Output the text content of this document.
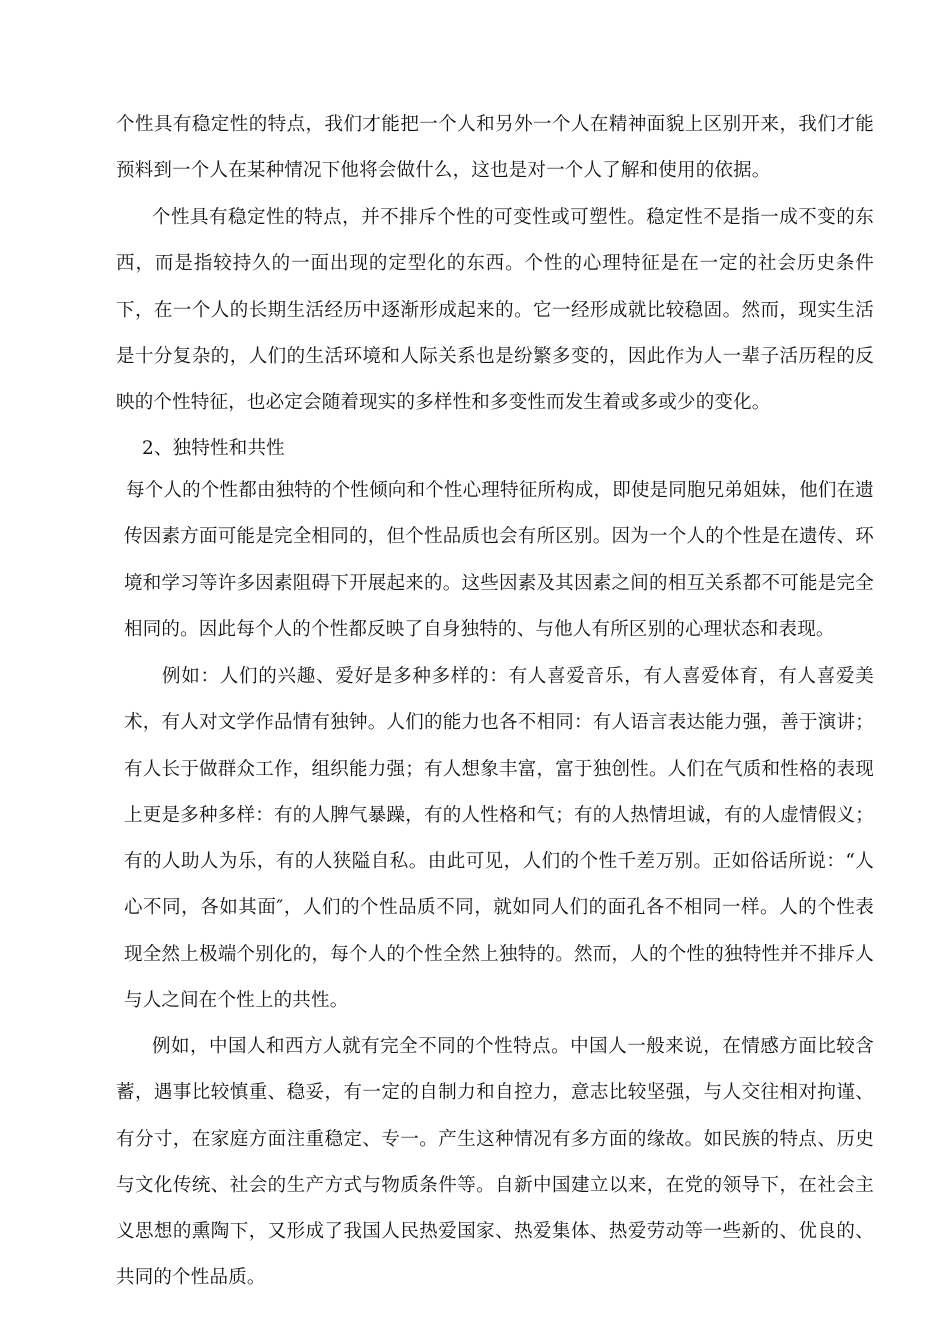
个性具有稳定性的特点，我们才能把一个人和另外一个人在精神面貌上区别开来，我们才能预料到一个人在某种情况下他将会做什么，这也是对一个人了解和使用的依据。

个性具有稳定性的特点，并不排斥个性的可变性或可塑性。稳定性不是指一成不变的东西，而是指较持久的一面出现的定型化的东西。个性的心理特征是在一定的社会历史条件下，在一个人的长期生活经历中逐渐形成起来的。它一经形成就比较稳固。然而，现实生活是十分复杂的，人们的生活环境和人际关系也是纷繁多变的，因此作为人一辈子活历程的反映的个性特征，也必定会随着现实的多样性和多变性而发生着或多或少的变化。

2、独特性和共性

每个人的个性都由独特的个性倾向和个性心理特征所构成，即使是同胞兄弟姐妹，他们在遗传因素方面可能是完全相同的，但个性品质也会有所区别。因为一个人的个性是在遗传、环境和学习等许多因素阻碍下开展起来的。这些因素及其因素之间的相互关系都不可能是完全相同的。因此每个人的个性都反映了自身独特的、与他人有所区别的心理状态和表现。

例如：人们的兴趣、爱好是多种多样的：有人喜爱音乐，有人喜爱体育，有人喜爱美术，有人对文学作品情有独钟。人们的能力也各不相同：有人语言表达能力强，善于演讲；有人长于做群众工作，组织能力强；有人想象丰富，富于独创性。人们在气质和性格的表现上更是多种多样：有的人脾气暴躁，有的人性格和气；有的人热情坦诚，有的人虚情假义；有的人助人为乐，有的人狭隘自私。由此可见，人们的个性千差万别。正如俗话所说：“人心不同，各如其面″，人们的个性品质不同，就如同人们的面孔各不相同一样。人的个性表现全然上极端个别化的，每个人的个性全然上独特的。然而，人的个性的独特性并不排斥人与人之间在个性上的共性。

例如，中国人和西方人就有完全不同的个性特点。中国人一般来说，在情感方面比较含蓄，遇事比较慎重、稳妥，有一定的自制力和自控力，意志比较坚强，与人交往相对拘谨、有分寸，在家庭方面注重稳定、专一。产生这种情况有多方面的缘故。如民族的特点、历史与文化传统、社会的生产方式与物质条件等。自新中国建立以来，在党的领导下，在社会主义思想的熏陶下，又形成了我国人民热爱国家、热爱集体、热爱劳动等一些新的、优良的、共同的个性品质。
